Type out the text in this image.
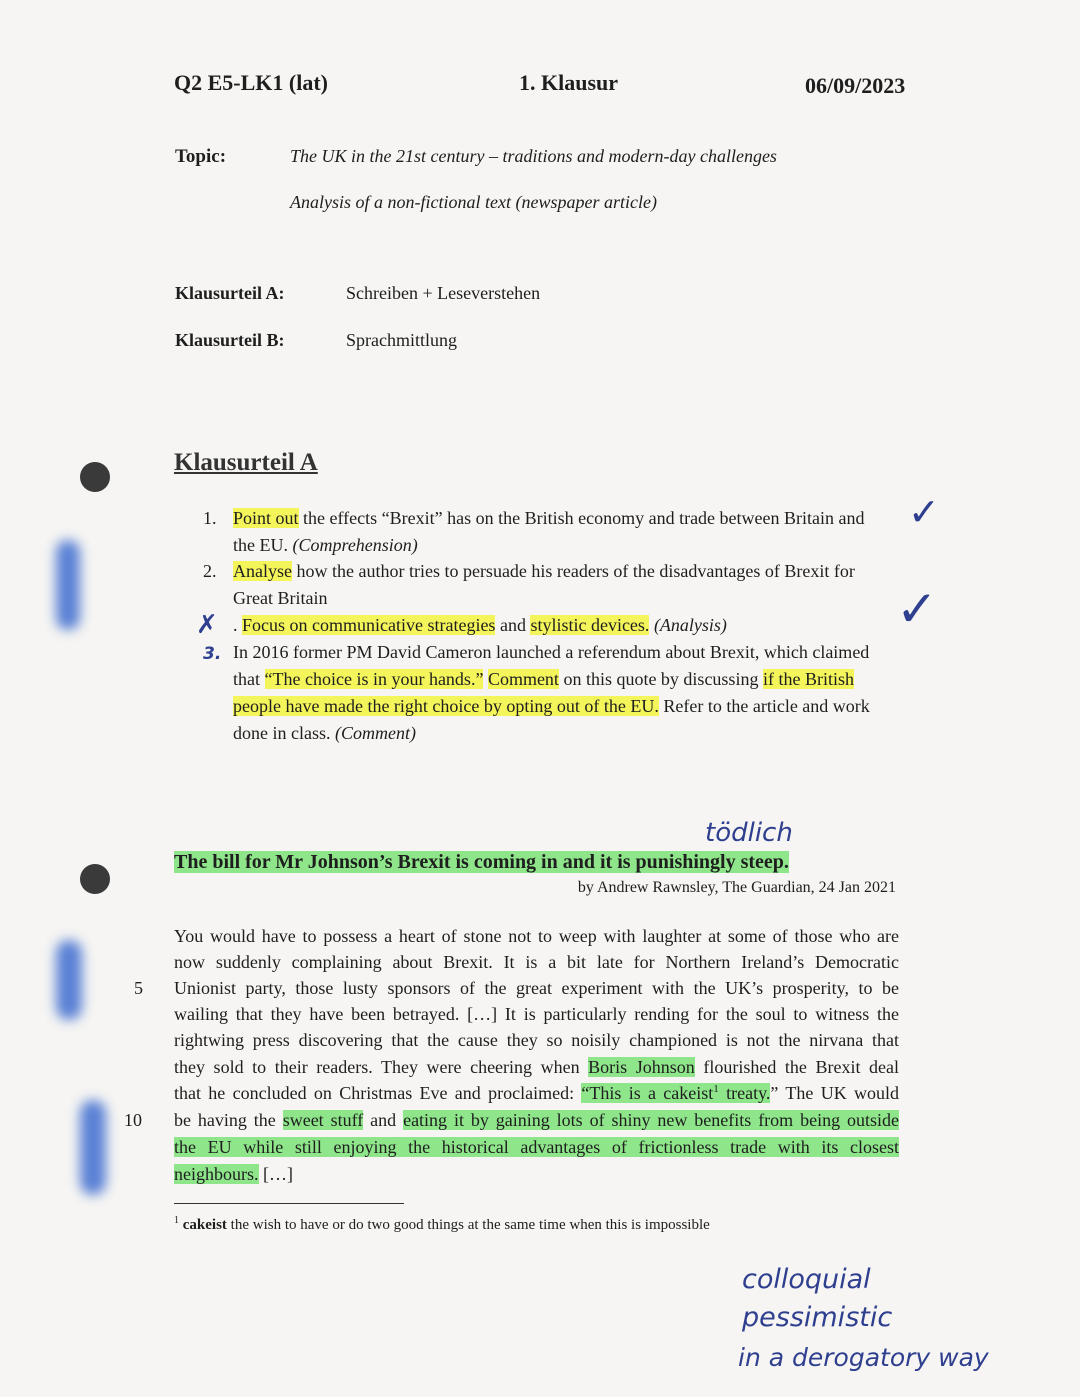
Q2 E5-LK1 (lat)	1. Klausur	06/09/2023
Topic:	The UK in the 21st century – traditions and modern-day challenges
Analysis of a non-fictional text (newspaper article)
Klausurteil A:	Schreiben + Leseverstehen
Klausurteil B:	Sprachmittlung
Klausurteil A
1. Point out the effects “Brexit” has on the British economy and trade between Britain and
the EU. (Comprehension)
2. Analyse how the author tries to persuade his readers of the disadvantages of Brexit for
Great Britain
. Focus on communicative strategies and stylistic devices. (Analysis)
In 2016 former PM David Cameron launched a referendum about Brexit, which claimed
that “The choice is in your hands.” Comment on this quote by discussing if the British
people have made the right choice by opting out of the EU. Refer to the article and work
done in class. (Comment)
✓
✓
✗
3.
tödlich
The bill for Mr Johnson’s Brexit is coming in and it is punishingly steep.
by Andrew Rawnsley, The Guardian, 24 Jan 2021
You would have to possess a heart of stone not to weep with laughter at some of those who are
now suddenly complaining about Brexit. It is a bit late for Northern Ireland’s Democratic
Unionist party, those lusty sponsors of the great experiment with the UK’s prosperity, to be
wailing that they have been betrayed. […] It is particularly rending for the soul to witness the
rightwing press discovering that the cause they so noisily championed is not the nirvana that
they sold to their readers. They were cheering when Boris Johnson flourished the Brexit deal
that he concluded on Christmas Eve and proclaimed: “This is a cakeist$^1$ treaty.” The UK would
be having the sweet stuff and eating it by gaining lots of shiny new benefits from being outside
the EU while still enjoying the historical advantages of frictionless trade with its closest
neighbours. […]
5
10
$^1$ cakeist the wish to have or do two good things at the same time when this is impossible
colloquial
pessimistic
in a derogatory way
